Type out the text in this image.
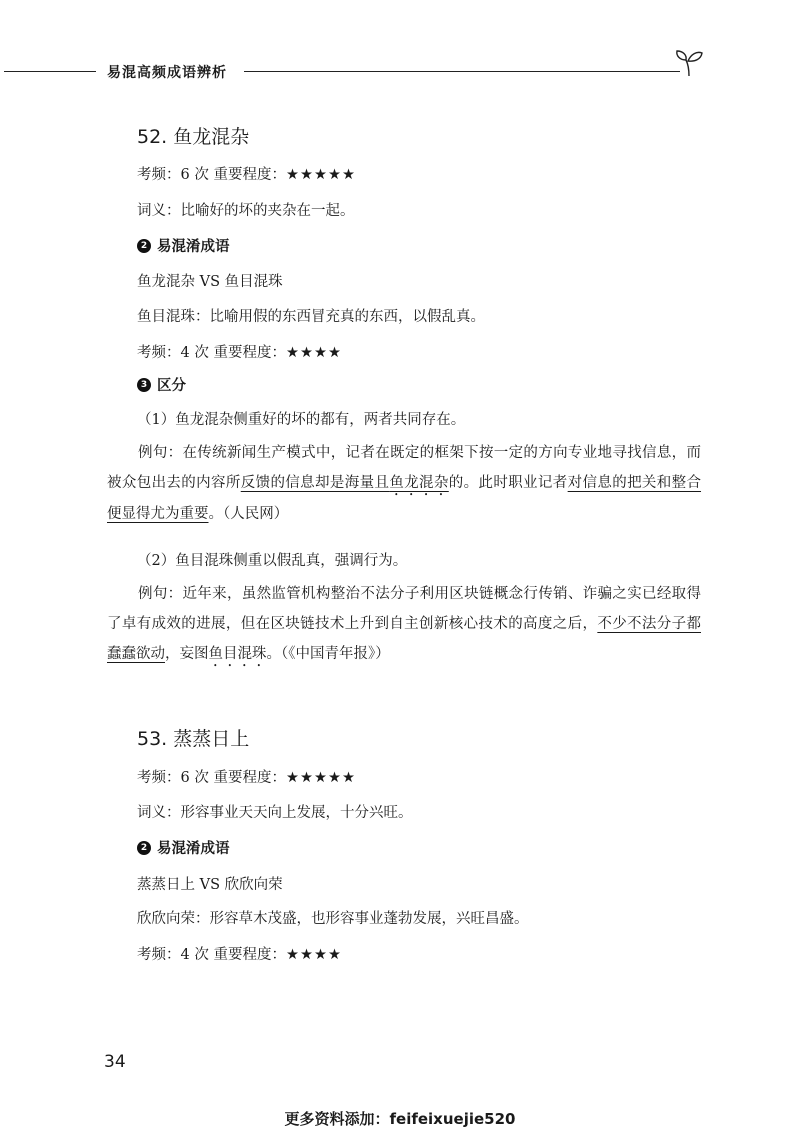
易混高频成语辨析
52. 鱼龙混杂
考频：6 次 重要程度：★★★★★
词义：比喻好的坏的夹杂在一起。
2 易混淆成语
鱼龙混杂 VS 鱼目混珠
鱼目混珠：比喻用假的东西冒充真的东西，以假乱真。
考频：4 次 重要程度：★★★★
3 区分
（1）鱼龙混杂侧重好的坏的都有，两者共同存在。
例句：在传统新闻生产模式中，记者在既定的框架下按一定的方向专业地寻找信息，而被众包出去的内容所反馈的信息却是海量且鱼龙混杂的。此时职业记者对信息的把关和整合便显得尤为重要。（人民网）
（2）鱼目混珠侧重以假乱真，强调行为。
例句：近年来，虽然监管机构整治不法分子利用区块链概念行传销、诈骗之实已经取得了卓有成效的进展，但在区块链技术上升到自主创新核心技术的高度之后，不少不法分子都蠢蠢欲动，妄图鱼目混珠。（《中国青年报》）
53. 蒸蒸日上
考频：6 次 重要程度：★★★★★
词义：形容事业天天向上发展，十分兴旺。
2 易混淆成语
蒸蒸日上 VS 欣欣向荣
欣欣向荣：形容草木茂盛，也形容事业蓬勃发展，兴旺昌盛。
考频：4 次 重要程度：★★★★
34
更多资料添加：feifeixuejie520
